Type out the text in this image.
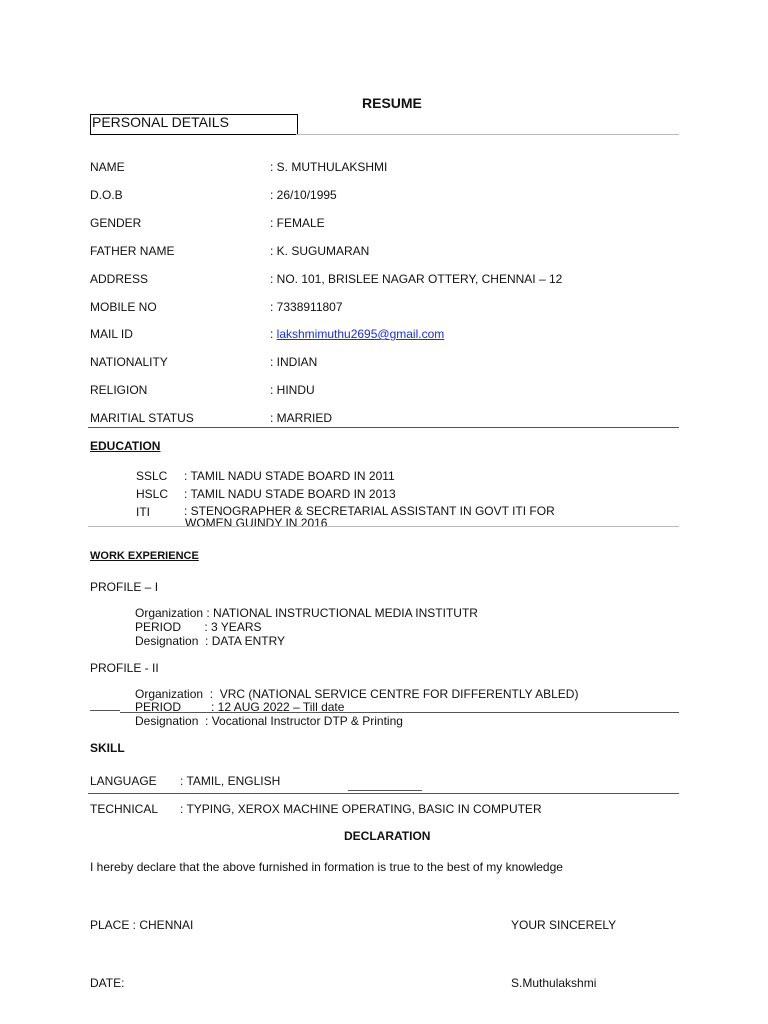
RESUME
PERSONAL DETAILS
NAME	: S. MUTHULAKSHMI
D.O.B	: 26/10/1995
GENDER	: FEMALE
FATHER NAME	: K. SUGUMARAN
ADDRESS	: NO. 101, BRISLEE NAGAR OTTERY, CHENNAI – 12
MOBILE NO	: 7338911807
MAIL ID	: lakshmimuthu2695@gmail.com
NATIONALITY	: INDIAN
RELIGION	: HINDU
MARITIAL STATUS	: MARRIED
EDUCATION
SSLC : TAMIL NADU STADE BOARD IN 2011
HSLC : TAMIL NADU STADE BOARD IN 2013
ITI	: STENOGRAPHER & SECRETARIAL ASSISTANT IN GOVT ITI FOR
WOMEN GUINDY IN 2016
WORK EXPERIENCE
PROFILE – I
Organization : NATIONAL INSTRUCTIONAL MEDIA INSTITUTR
PERIOD       : 3 YEARS
Designation  : DATA ENTRY
PROFILE - II
Organization  :  VRC (NATIONAL SERVICE CENTRE FOR DIFFERENTLY ABLED)
PERIOD         : 12 AUG 2022 – Till date
Designation  : Vocational Instructor DTP & Printing
SKILL
LANGUAGE : TAMIL, ENGLISH
TECHNICAL : TYPING, XEROX MACHINE OPERATING, BASIC IN COMPUTER
DECLARATION
I hereby declare that the above furnished in formation is true to the best of my knowledge
PLACE : CHENNAI	YOUR SINCERELY
DATE:	S.Muthulakshmi
